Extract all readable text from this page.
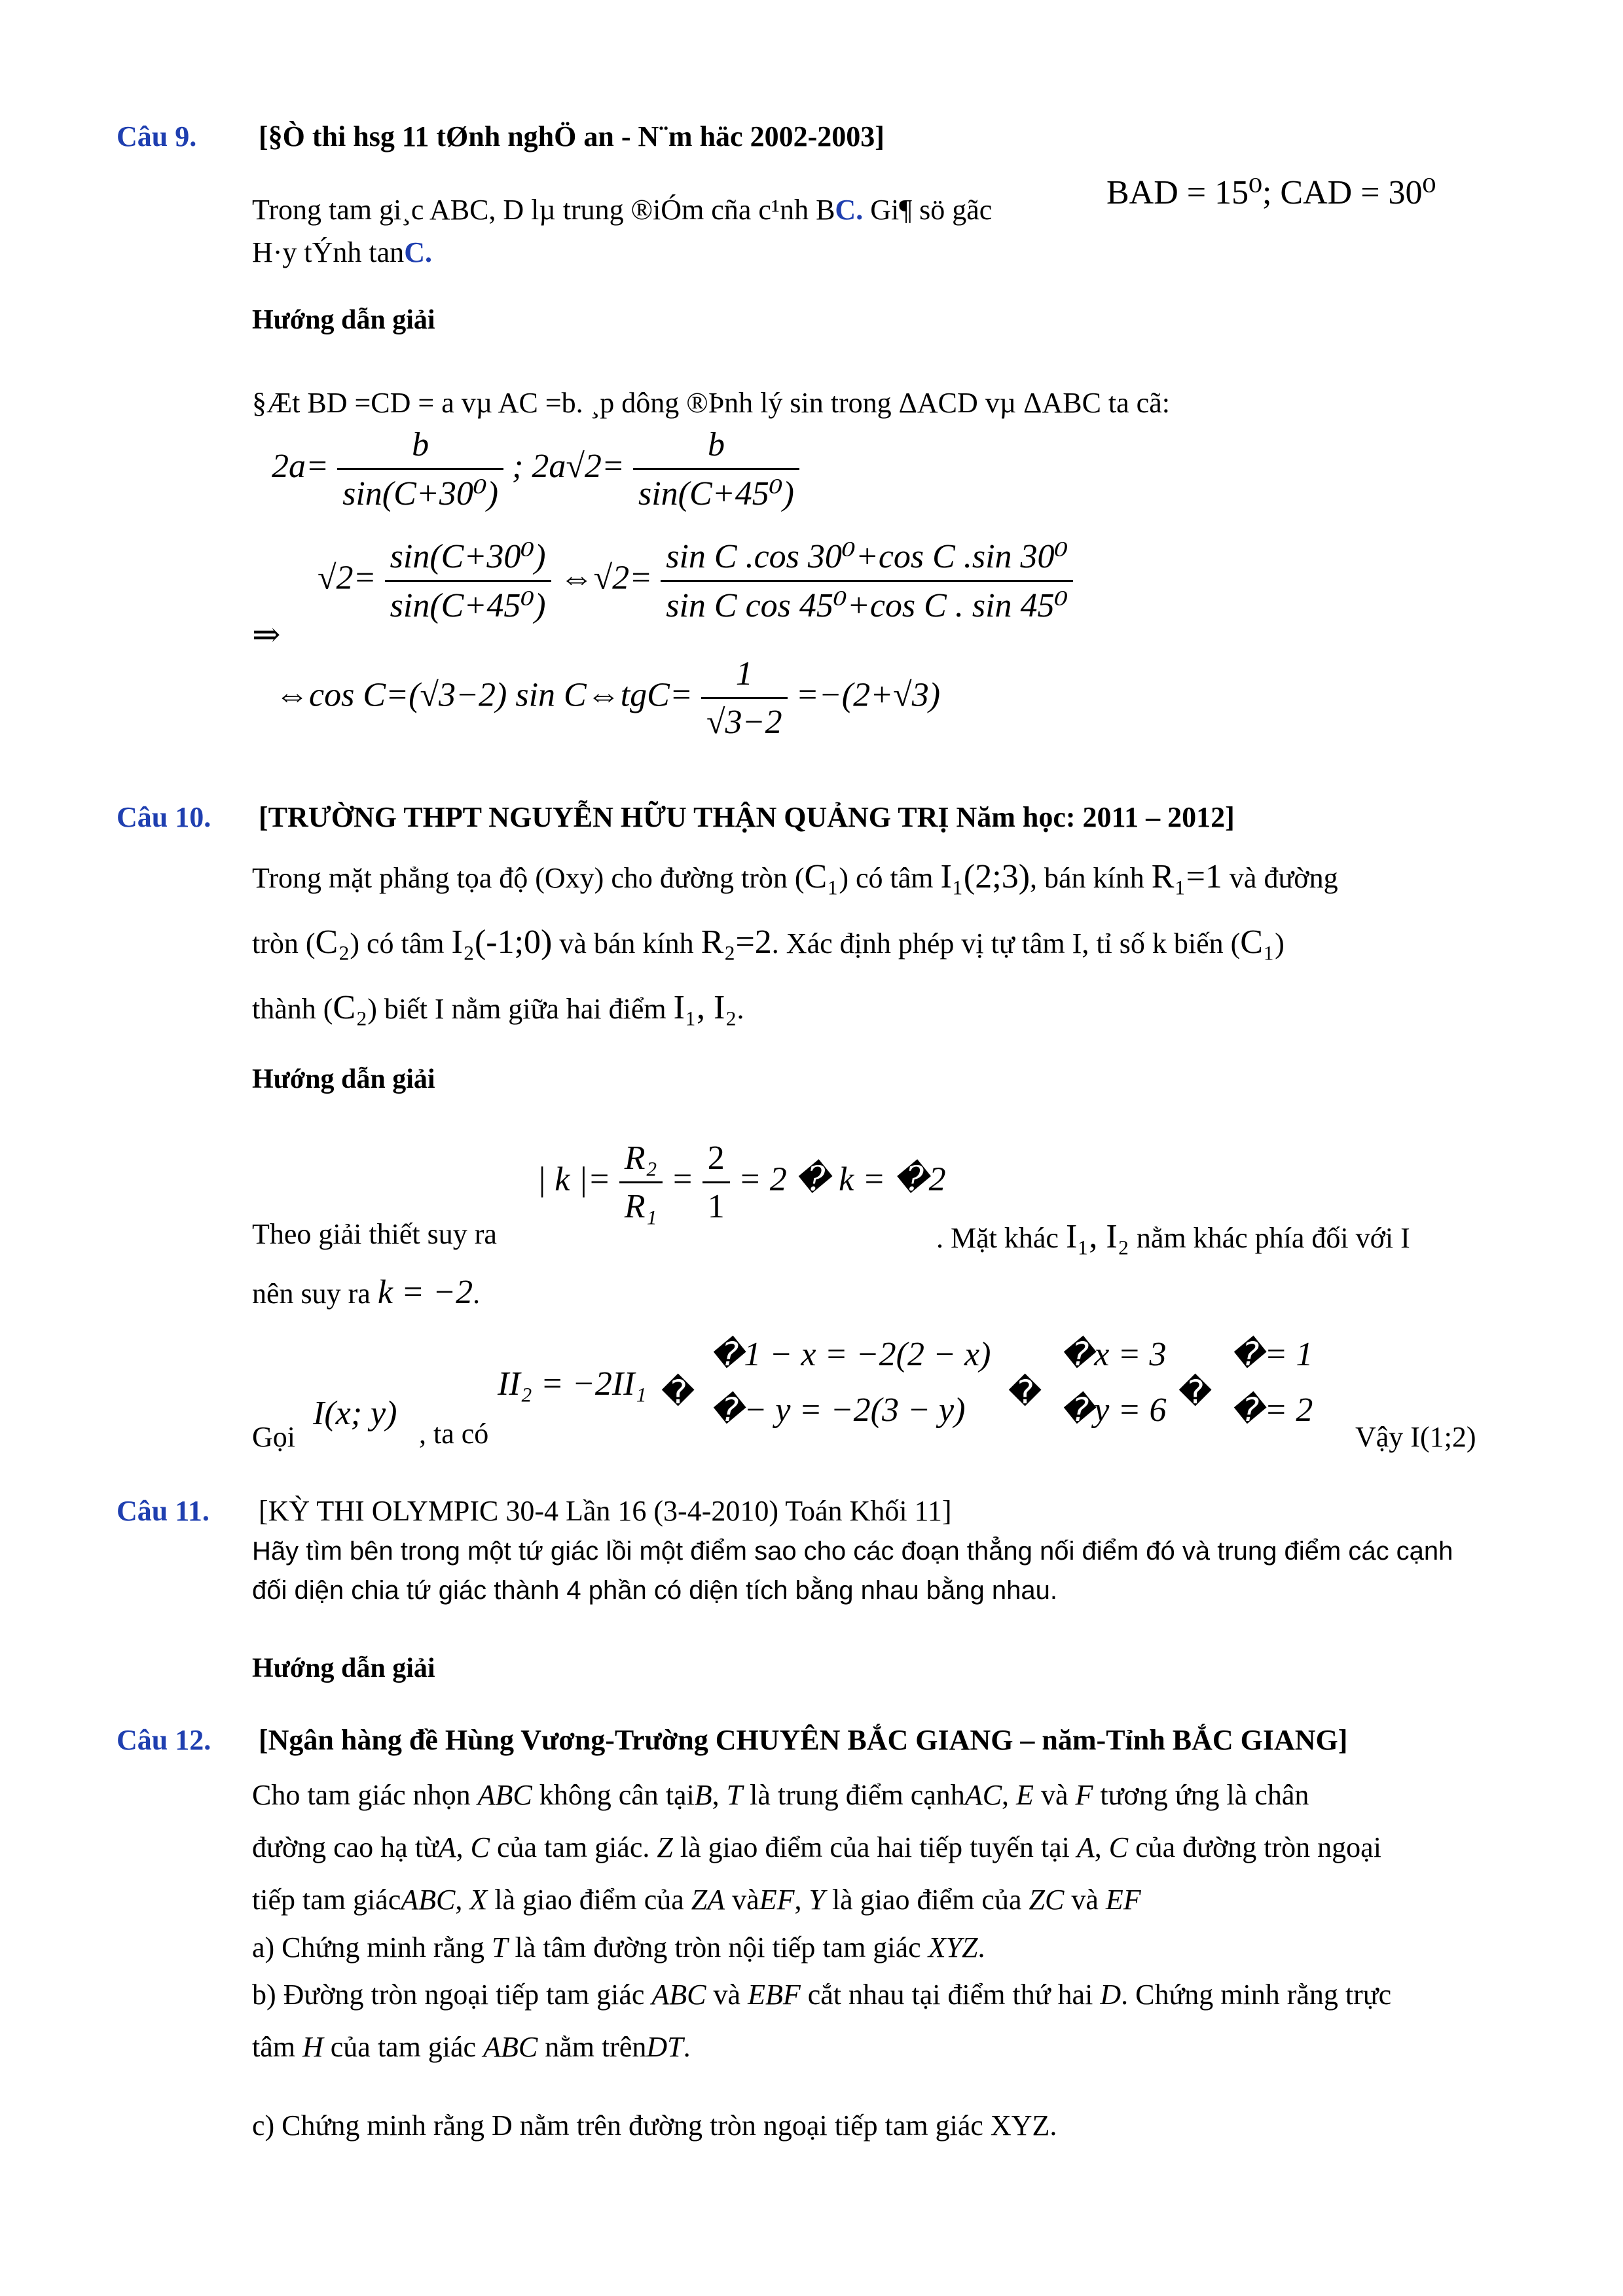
Câu 9. [§Ò thi hsg 11 tØnh nghÖ an - N¨m häc 2002-2003]
Trong tam gi¸c ABC, D lµ trung ®iÓm cña c¹nh BC. Gi¶ sö gãc	BAD = 15⁰; CAD = 30⁰
H·y tÝnh tanC.
Hướng dẫn giải
§Æt BD =CD = a vµ AC =b. ¸p dông ®Þnh lý sin trong ΔACD vµ ΔABC ta cã:
$2a= \frac{b}{\text{sin(C+30⁰)}}$ ; $2a√2= \frac{b}{\text{sin(C+45⁰)}}$
$√2= \frac{\text{sin(C+30⁰)}}{\text{sin(C+45⁰)}}$ ⇔√2= $\frac{\text{sin C .cos 30⁰+cos C .sin 30⁰}}{\text{sin C cos 45⁰+cos C . sin 45⁰}}$
⇒
⇔cos C=(√3−2) sin C⇔tgC= $\frac{1}{√3-2} =-(2+√3)$
Câu 10. [TRƯỜNG THPT NGUYỄN HỮU THẬN QUẢNG TRỊ Năm học: 2011 – 2012]
Trong mặt phẳng tọa độ (Oxy) cho đường tròn (C₁) có tâm I₁(2;3), bán kính R₁=1 và đường
tròn (C₂) có tâm I₂(-1;0) và bán kính R₂=2. Xác định phép vị tự tâm I, tỉ số k biến (C₁)
thành (C₂) biết I nằm giữa hai điểm I₁, I₂.
Hướng dẫn giải
| k |= $\frac{\text{R₂}}{\text{R₁}} = \frac{2}{1} = 2$ � k = �2
Theo giải thiết suy ra	. Mặt khác I₁, I₂ nằm khác phía đối với I
nên suy ra k = −2.
Gọi
I(x; y)
, ta có
II₂ = −2II₁ �
�1 − x = −2(2 − x)
�− y = −2(3 − y) �
�x = 3
�y = 6 �
�= 1
�= 2
Vậy I(1;2)
Câu 11. [KỲ THI OLYMPIC 30-4 Lần 16 (3-4-2010) Toán Khối 11]
Hãy tìm bên trong một tứ giác lồi một điểm sao cho các đoạn thẳng nối điểm đó và trung điểm các cạnh
đối diện chia tứ giác thành 4 phần có diện tích bằng nhau bằng nhau.
Hướng dẫn giải
Câu 12. [Ngân hàng đề Hùng Vương-Trường CHUYÊN BẮC GIANG – năm-Tỉnh BẮC GIANG]
Cho tam giác nhọn ABC không cân tạiB, T là trung điểm cạnhAC, E và F tương ứng là chân
đường cao hạ từA, C của tam giác. Z là giao điểm của hai tiếp tuyến tại A, C của đường tròn ngoại
tiếp tam giácABC, X là giao điểm của ZA vàEF, Y là giao điểm của ZC và EF
a) Chứng minh rằng T là tâm đường tròn nội tiếp tam giác XYZ.
b) Đường tròn ngoại tiếp tam giác ABC và EBF cắt nhau tại điểm thứ hai D. Chứng minh rằng trực
tâm H của tam giác ABC nằm trênDT.
c) Chứng minh rằng D nằm trên đường tròn ngoại tiếp tam giác XYZ.
